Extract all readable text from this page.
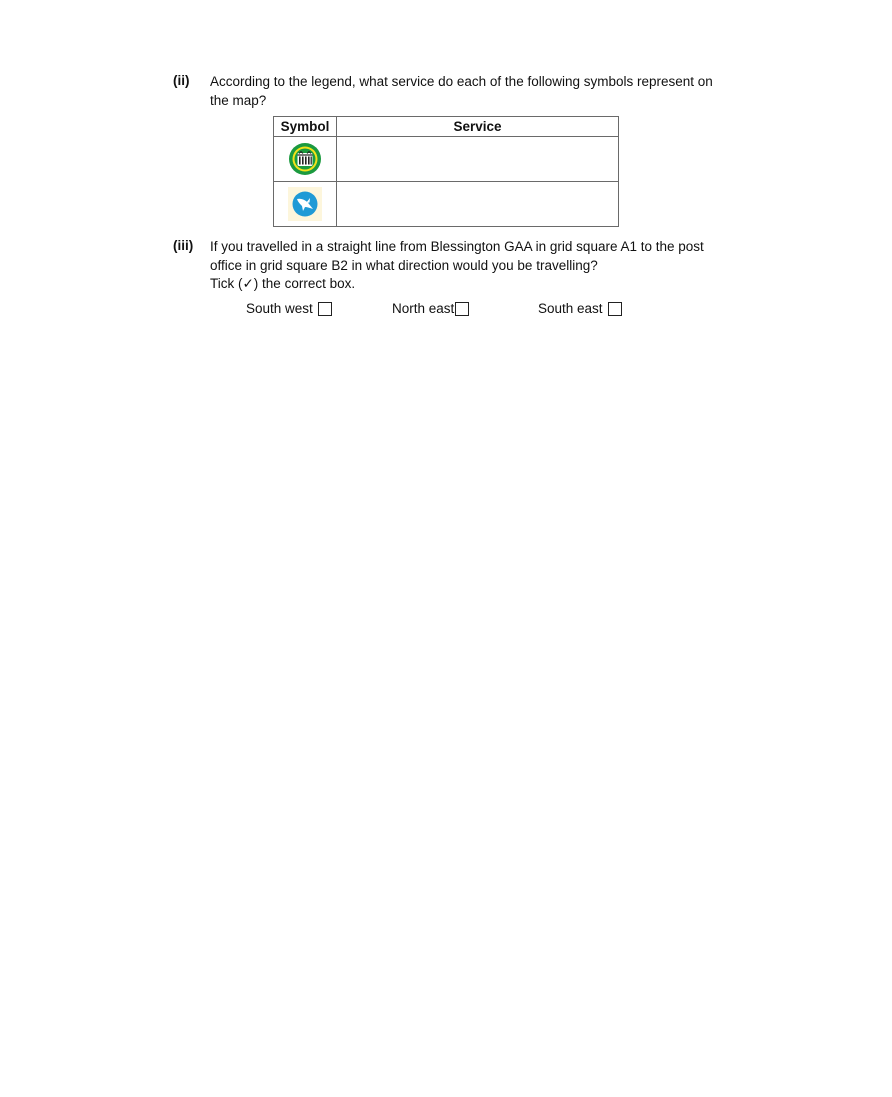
(ii) According to the legend, what service do each of the following symbols represent on
the map?
Symbol	Service

(iii) If you travelled in a straight line from Blessington GAA in grid square A1 to the post
office in grid square B2 in what direction would you be travelling?
Tick (✓) the correct box.
South west	North east	South east
